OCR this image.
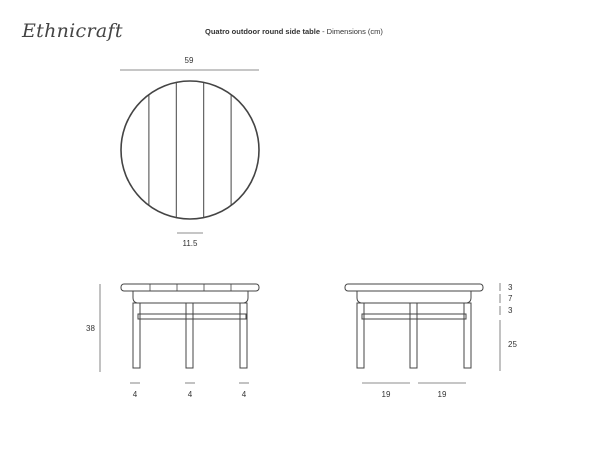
Ethnicraft	Quatro outdoor round side table - Dimensions (cm)
59
11.5
38
4	4	4
3
7
3
25
19	19
